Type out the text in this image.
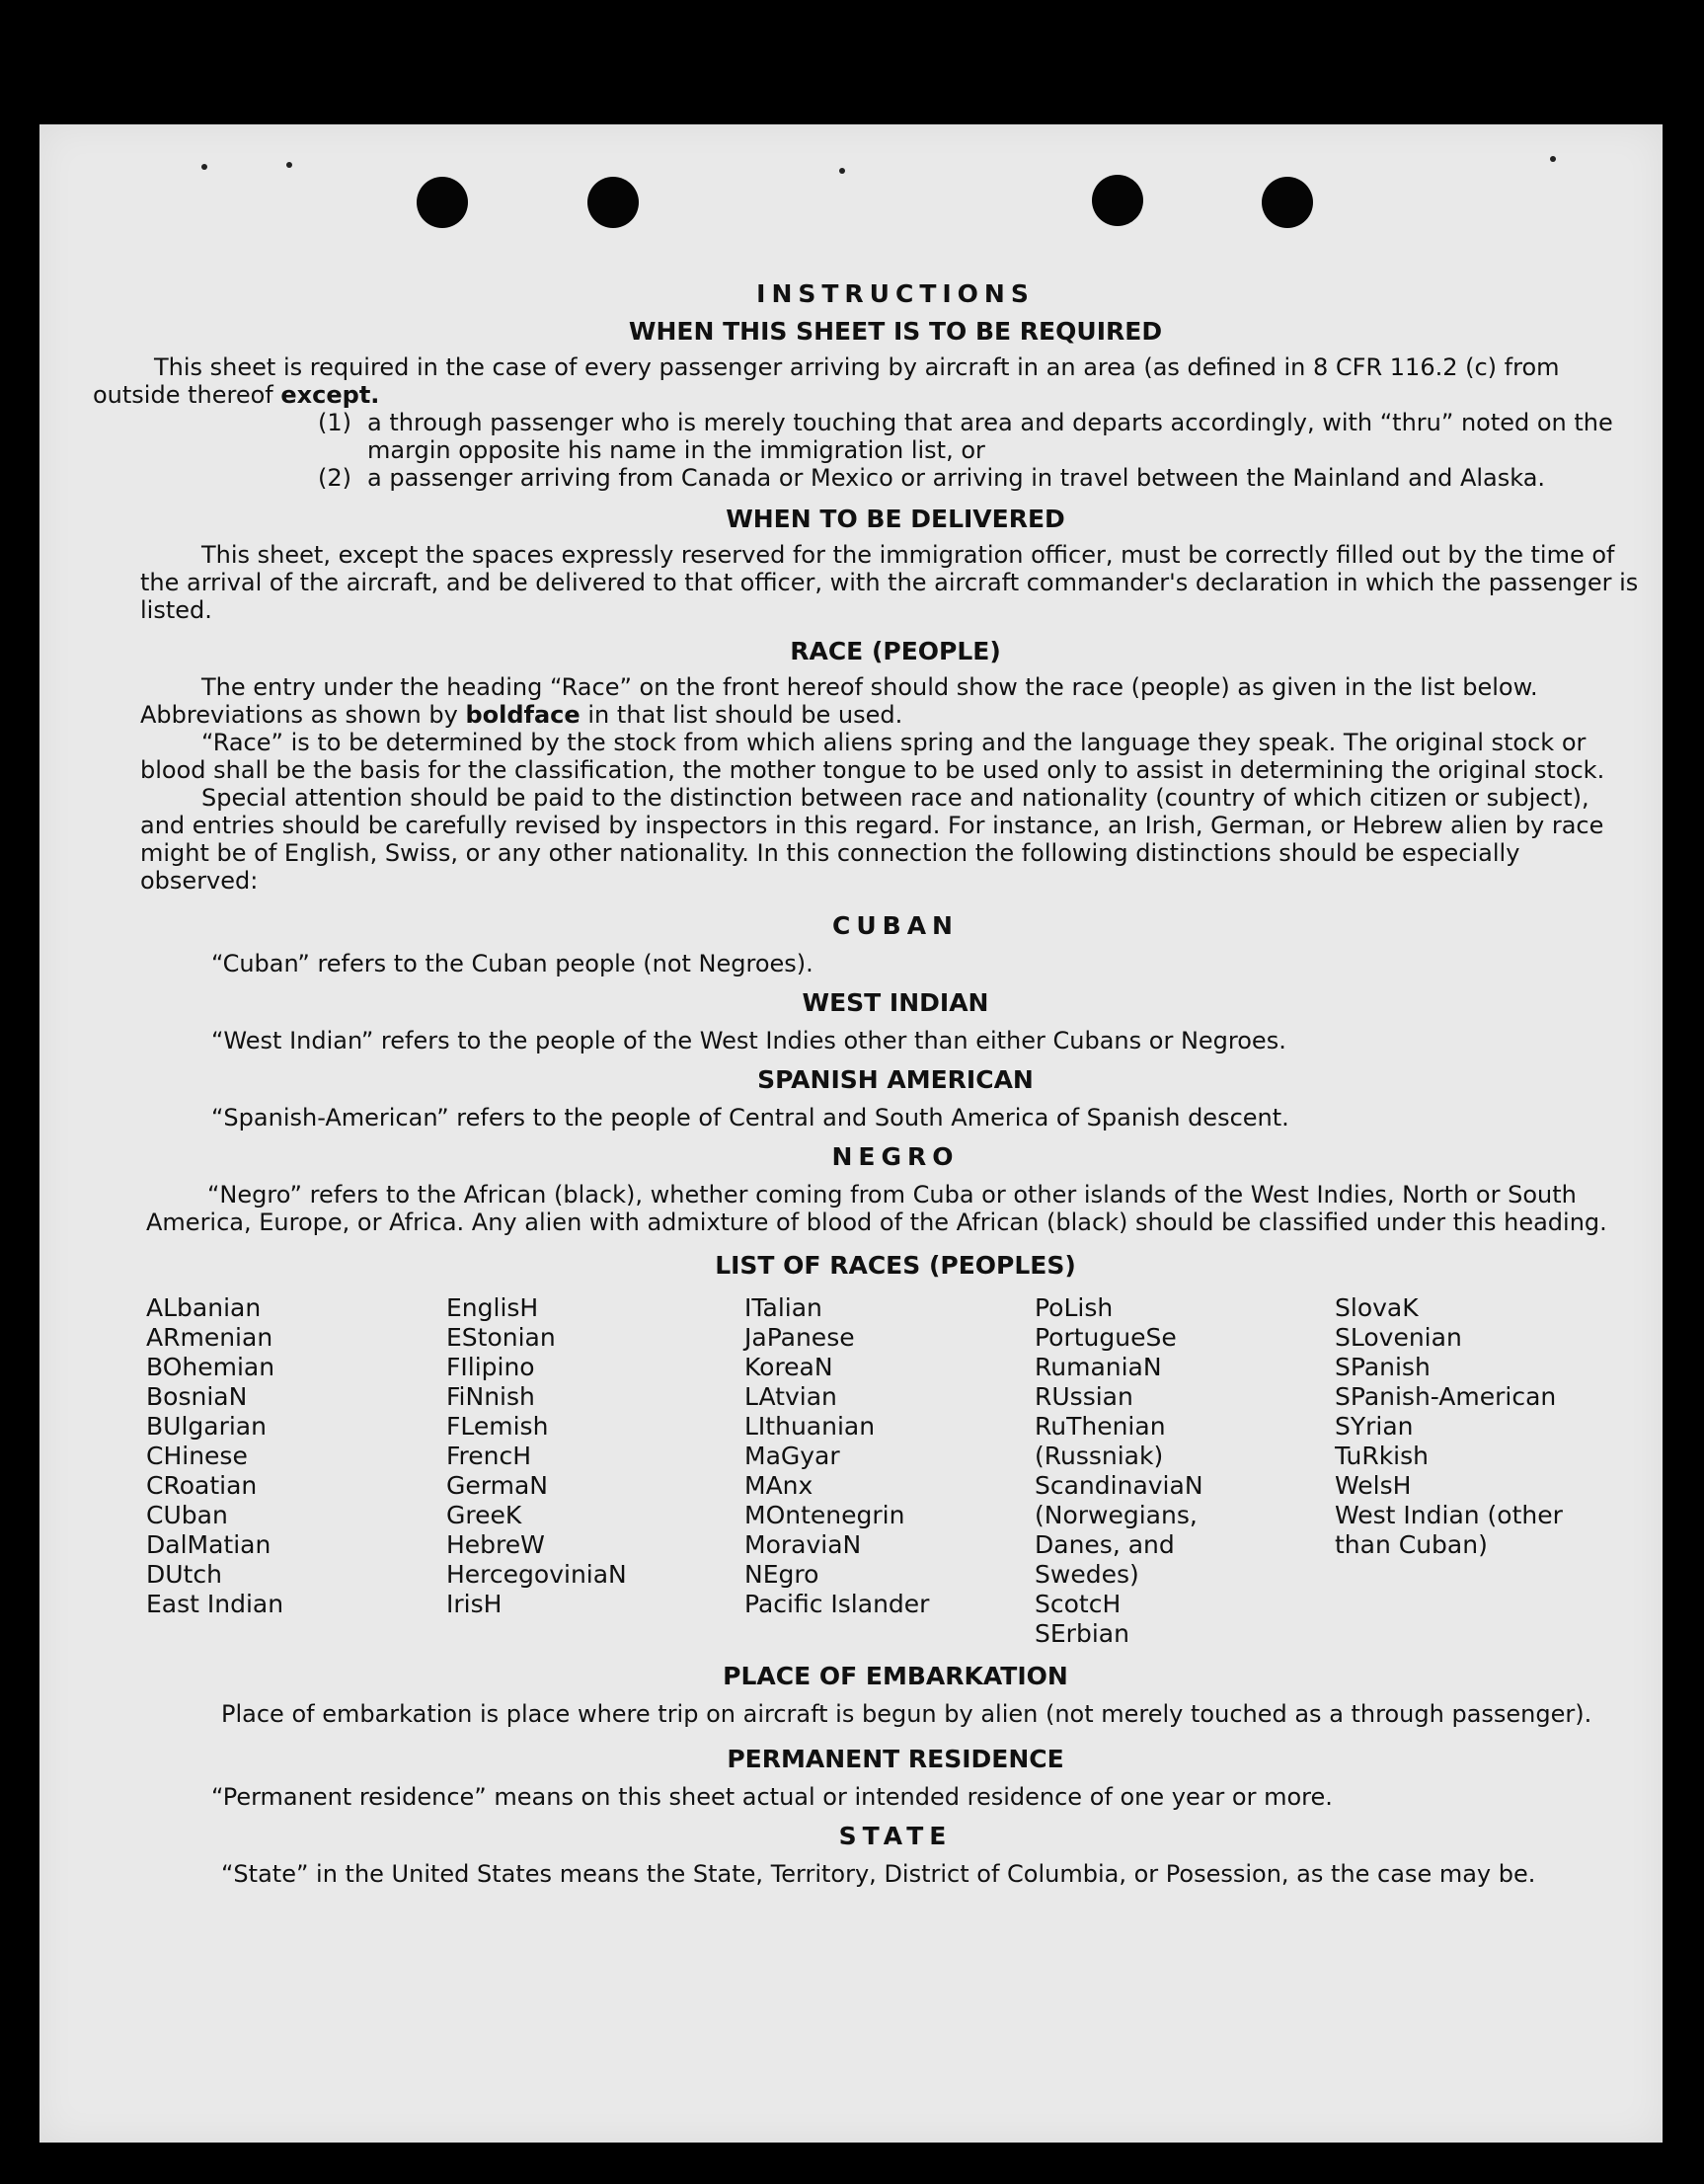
INSTRUCTIONS
WHEN THIS SHEET IS TO BE REQUIRED

This sheet is required in the case of every passenger arriving by aircraft in an area (as defined in 8 CFR 116.2 (c) from outside thereof except.

(1) a through passenger who is merely touching that area and departs accordingly, with “thru” noted on the margin opposite his name in the immigration list, or
(2) a passenger arriving from Canada or Mexico or arriving in travel between the Mainland and Alaska.
WHEN TO BE DELIVERED

This sheet, except the spaces expressly reserved for the immigration officer, must be correctly filled out by the time of the arrival of the aircraft, and be delivered to that officer, with the aircraft commander's declaration in which the passenger is listed.

RACE (PEOPLE)

The entry under the heading “Race” on the front hereof should show the race (people) as given in the list below. Abbreviations as shown by boldface in that list should be used.

“Race” is to be determined by the stock from which aliens spring and the language they speak. The original stock or blood shall be the basis for the classification, the mother tongue to be used only to assist in determining the original stock.

Special attention should be paid to the distinction between race and nationality (country of which citizen or subject), and entries should be carefully revised by inspectors in this regard. For instance, an Irish, German, or Hebrew alien by race might be of English, Swiss, or any other nationality. In this connection the following distinctions should be especially observed:

CUBAN

“Cuban” refers to the Cuban people (not Negroes).

WEST INDIAN

“West Indian” refers to the people of the West Indies other than either Cubans or Negroes.

SPANISH AMERICAN

“Spanish-American” refers to the people of Central and South America of Spanish descent.

NEGRO

“Negro” refers to the African (black), whether coming from Cuba or other islands of the West Indies, North or South America, Europe, or Africa. Any alien with admixture of blood of the African (black) should be classified under this heading.

LIST OF RACES (PEOPLES)
ALbanian
ARmenian
BOhemian
BosniaN
BUlgarian
CHinese
CRoatian
CUban
DalMatian
DUtch
East Indian
EnglisH
EStonian
FIlipino
FiNnish
FLemish
FrencH
GermaN
GreeK
HebreW
HercegoviniaN
IrisH
ITalian
JaPanese
KoreaN
LAtvian
LIthuanian
MaGyar
MAnx
MOntenegrin
MoraviaN
NEgro
Pacific Islander
PoLish
PortugueSe
RumaniaN
RUssian
RuThenian (Russniak)
ScandinaviaN (Norwegians, Danes, and Swedes)
ScotcH
SErbian
SlovaK
SLovenian
SPanish
SPanish-American
SYrian
TuRkish
WelsH
West Indian (other than Cuban)
PLACE OF EMBARKATION

Place of embarkation is place where trip on aircraft is begun by alien (not merely touched as a through passenger).

PERMANENT RESIDENCE

“Permanent residence” means on this sheet actual or intended residence of one year or more.

STATE

“State” in the United States means the State, Territory, District of Columbia, or Posession, as the case may be.
